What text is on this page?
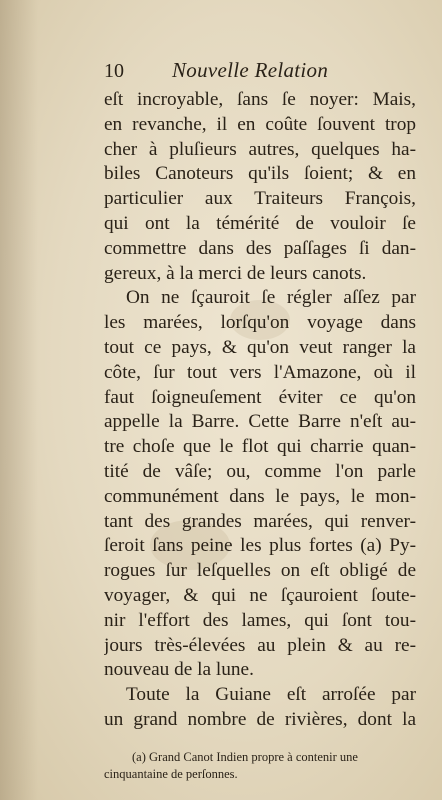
10	Nouvelle Relation
eſt incroyable, ſans ſe noyer: Mais,
en revanche, il en coûte ſouvent trop
cher à pluſieurs autres, quelques ha-
biles Canoteurs qu'ils ſoient; & en
particulier aux Traiteurs François,
qui ont la témérité de vouloir ſe
commettre dans des paſſages ſi dan-
gereux, à la merci de leurs canots.
On ne ſçauroit ſe régler aſſez par
les marées, lorſqu'on voyage dans
tout ce pays, & qu'on veut ranger la
côte, ſur tout vers l'Amazone, où il
faut ſoigneuſement éviter ce qu'on
appelle la Barre. Cette Barre n'eſt au-
tre choſe que le flot qui charrie quan-
tité de vâſe; ou, comme l'on parle
communément dans le pays, le mon-
tant des grandes marées, qui renver-
ſeroit ſans peine les plus fortes (a) Py-
rogues ſur leſquelles on eſt obligé de
voyager, & qui ne ſçauroient ſoute-
nir l'effort des lames, qui ſont tou-
jours très-élevées au plein & au re-
nouveau de la lune.
Toute la Guiane eſt arroſée par
un grand nombre de rivières, dont la
(a) Grand Canot Indien propre à contenir une
cinquantaine de perſonnes.
